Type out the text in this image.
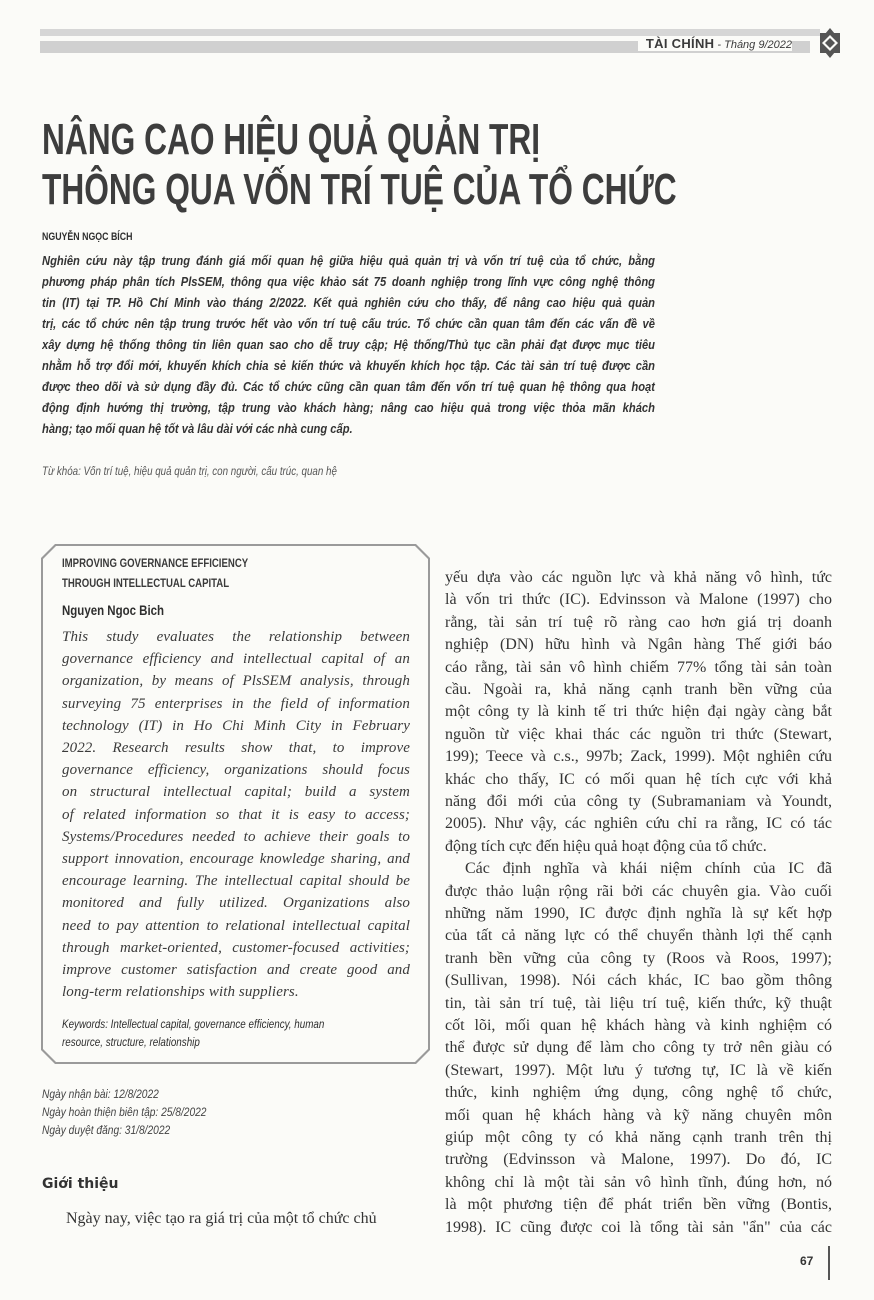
TÀI CHÍNH - Tháng 9/2022
NÂNG CAO HIỆU QUẢ QUẢN TRỊ
THÔNG QUA VỐN TRÍ TUỆ CỦA TỔ CHỨC
NGUYỄN NGỌC BÍCH
Nghiên cứu này tập trung đánh giá mối quan hệ giữa hiệu quả quản trị và vốn trí tuệ của tổ chức, bằng
phương pháp phân tích PlsSEM, thông qua việc khảo sát 75 doanh nghiệp trong lĩnh vực công nghệ thông
tin (IT) tại TP. Hồ Chí Minh vào tháng 2/2022. Kết quả nghiên cứu cho thấy, để nâng cao hiệu quả quản
trị, các tổ chức nên tập trung trước hết vào vốn trí tuệ cấu trúc. Tổ chức cần quan tâm đến các vấn đề về
xây dựng hệ thống thông tin liên quan sao cho dễ truy cập; Hệ thống/Thủ tục cần phải đạt được mục tiêu
nhằm hỗ trợ đổi mới, khuyến khích chia sẻ kiến thức và khuyến khích học tập. Các tài sản trí tuệ được cần
được theo dõi và sử dụng đầy đủ. Các tổ chức cũng cần quan tâm đến vốn trí tuệ quan hệ thông qua hoạt
động định hướng thị trường, tập trung vào khách hàng; nâng cao hiệu quả trong việc thỏa mãn khách
hàng; tạo mối quan hệ tốt và lâu dài với các nhà cung cấp.
Từ khóa: Vốn trí tuệ, hiệu quả quản trị, con người, cấu trúc, quan hệ
IMPROVING GOVERNANCE EFFICIENCY
THROUGH INTELLECTUAL CAPITAL
Nguyen Ngoc Bich
This study evaluates the relationship between
governance efficiency and intellectual capital of an
organization, by means of PlsSEM analysis, through
surveying 75 enterprises in the field of information
technology (IT) in Ho Chi Minh City in February
2022. Research results show that, to improve
governance efficiency, organizations should focus
on structural intellectual capital; build a system
of related information so that it is easy to access;
Systems/Procedures needed to achieve their goals to
support innovation, encourage knowledge sharing, and
encourage learning. The intellectual capital should be
monitored and fully utilized. Organizations also
need to pay attention to relational intellectual capital
through market-oriented, customer-focused activities;
improve customer satisfaction and create good and
long-term relationships with suppliers.
Keywords: Intellectual capital, governance efficiency, human
resource, structure, relationship
Ngày nhận bài: 12/8/2022
Ngày hoàn thiện biên tập: 25/8/2022
Ngày duyệt đăng: 31/8/2022
Giới thiệu
Ngày nay, việc tạo ra giá trị của một tổ chức chủ
yếu dựa vào các nguồn lực và khả năng vô hình, tức
là vốn tri thức (IC). Edvinsson và Malone (1997) cho
rằng, tài sản trí tuệ rõ ràng cao hơn giá trị doanh
nghiệp (DN) hữu hình và Ngân hàng Thế giới báo
cáo rằng, tài sản vô hình chiếm 77% tổng tài sản toàn
cầu. Ngoài ra, khả năng cạnh tranh bền vững của
một công ty là kinh tế tri thức hiện đại ngày càng bắt
nguồn từ việc khai thác các nguồn tri thức (Stewart,
199); Teece và c.s., 997b; Zack, 1999). Một nghiên cứu
khác cho thấy, IC có mối quan hệ tích cực với khả
năng đổi mới của công ty (Subramaniam và Youndt,
2005). Như vậy, các nghiên cứu chỉ ra rằng, IC có tác
động tích cực đến hiệu quả hoạt động của tổ chức.
Các định nghĩa và khái niệm chính của IC đã
được thảo luận rộng rãi bởi các chuyên gia. Vào cuối
những năm 1990, IC được định nghĩa là sự kết hợp
của tất cả năng lực có thể chuyển thành lợi thế cạnh
tranh bền vững của công ty (Roos và Roos, 1997);
(Sullivan, 1998). Nói cách khác, IC bao gồm thông
tin, tài sản trí tuệ, tài liệu trí tuệ, kiến thức, kỹ thuật
cốt lõi, mối quan hệ khách hàng và kinh nghiệm có
thể được sử dụng để làm cho công ty trở nên giàu có
(Stewart, 1997). Một lưu ý tương tự, IC là về kiến
thức, kinh nghiệm ứng dụng, công nghệ tổ chức,
mối quan hệ khách hàng và kỹ năng chuyên môn
giúp một công ty có khả năng cạnh tranh trên thị
trường (Edvinsson và Malone, 1997). Do đó, IC
không chỉ là một tài sản vô hình tĩnh, đúng hơn, nó
là một phương tiện để phát triển bền vững (Bontis,
1998). IC cũng được coi là tổng tài sản "ẩn" của các
67
